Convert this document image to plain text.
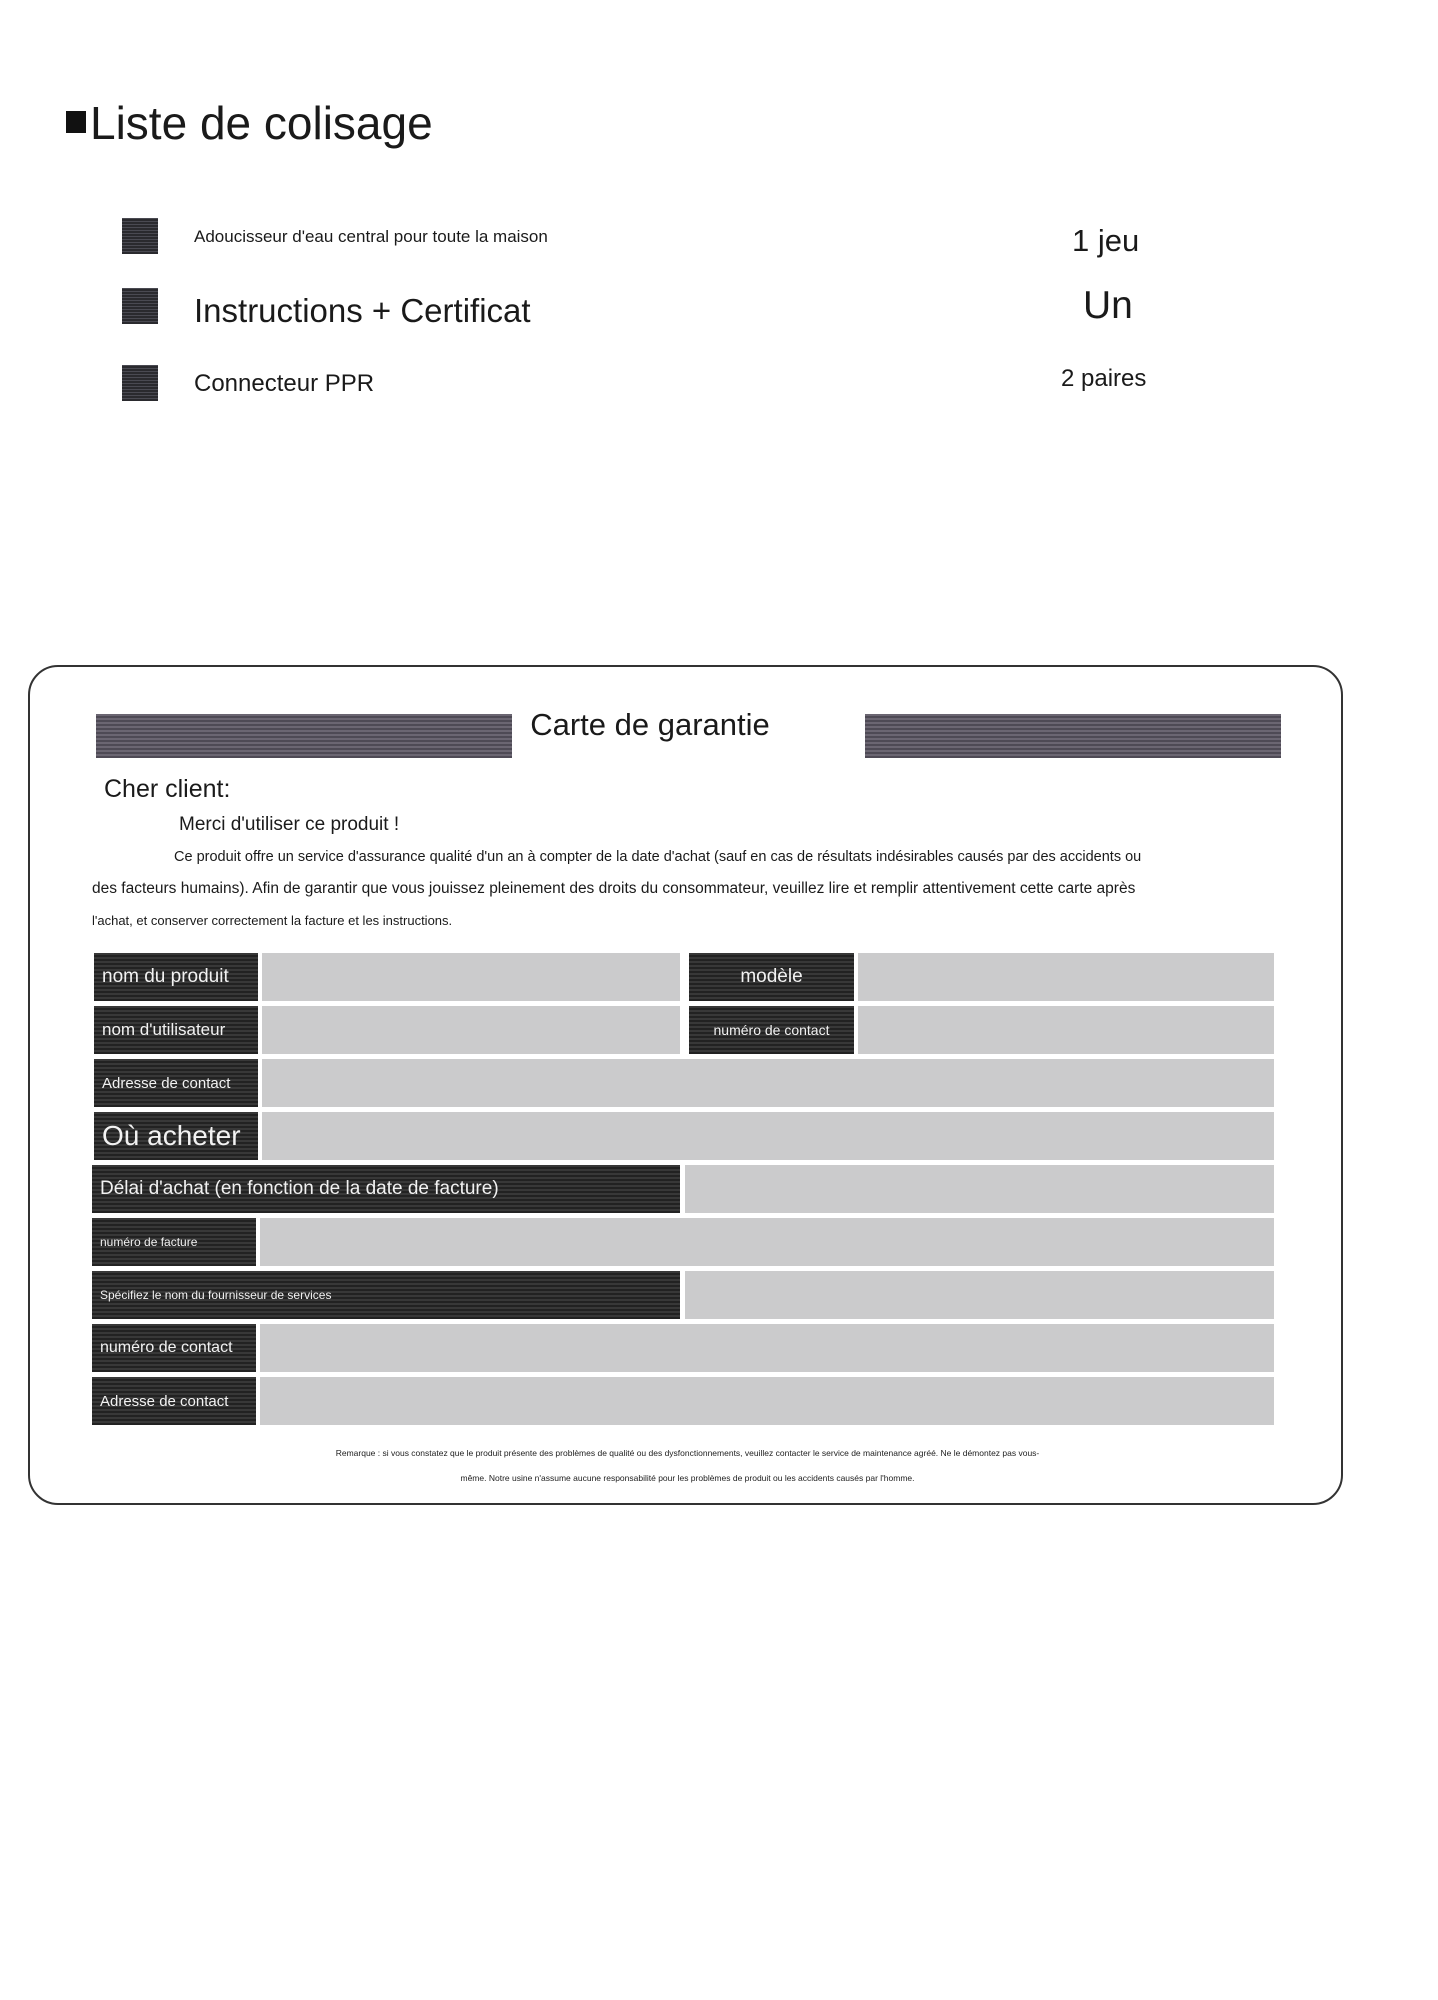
Liste de colisage
Adoucisseur d'eau central pour toute la maison	1 jeu
Instructions + Certificat	Un
Connecteur PPR	2 paires
Carte de garantie
Cher client:
Merci d'utiliser ce produit !
Ce produit offre un service d'assurance qualité d'un an à compter de la date d'achat (sauf en cas de résultats indésirables causés par des accidents ou
des facteurs humains). Afin de garantir que vous jouissez pleinement des droits du consommateur, veuillez lire et remplir attentivement cette carte après
l'achat, et conserver correctement la facture et les instructions.
nom du produit	modèle
nom d'utilisateur	numéro de contact
Adresse de contact
Où acheter
Délai d'achat (en fonction de la date de facture)
numéro de facture
Spécifiez le nom du fournisseur de services
numéro de contact
Adresse de contact
Remarque : si vous constatez que le produit présente des problèmes de qualité ou des dysfonctionnements, veuillez contacter le service de maintenance agréé. Ne le démontez pas vous-
même. Notre usine n'assume aucune responsabilité pour les problèmes de produit ou les accidents causés par l'homme.
